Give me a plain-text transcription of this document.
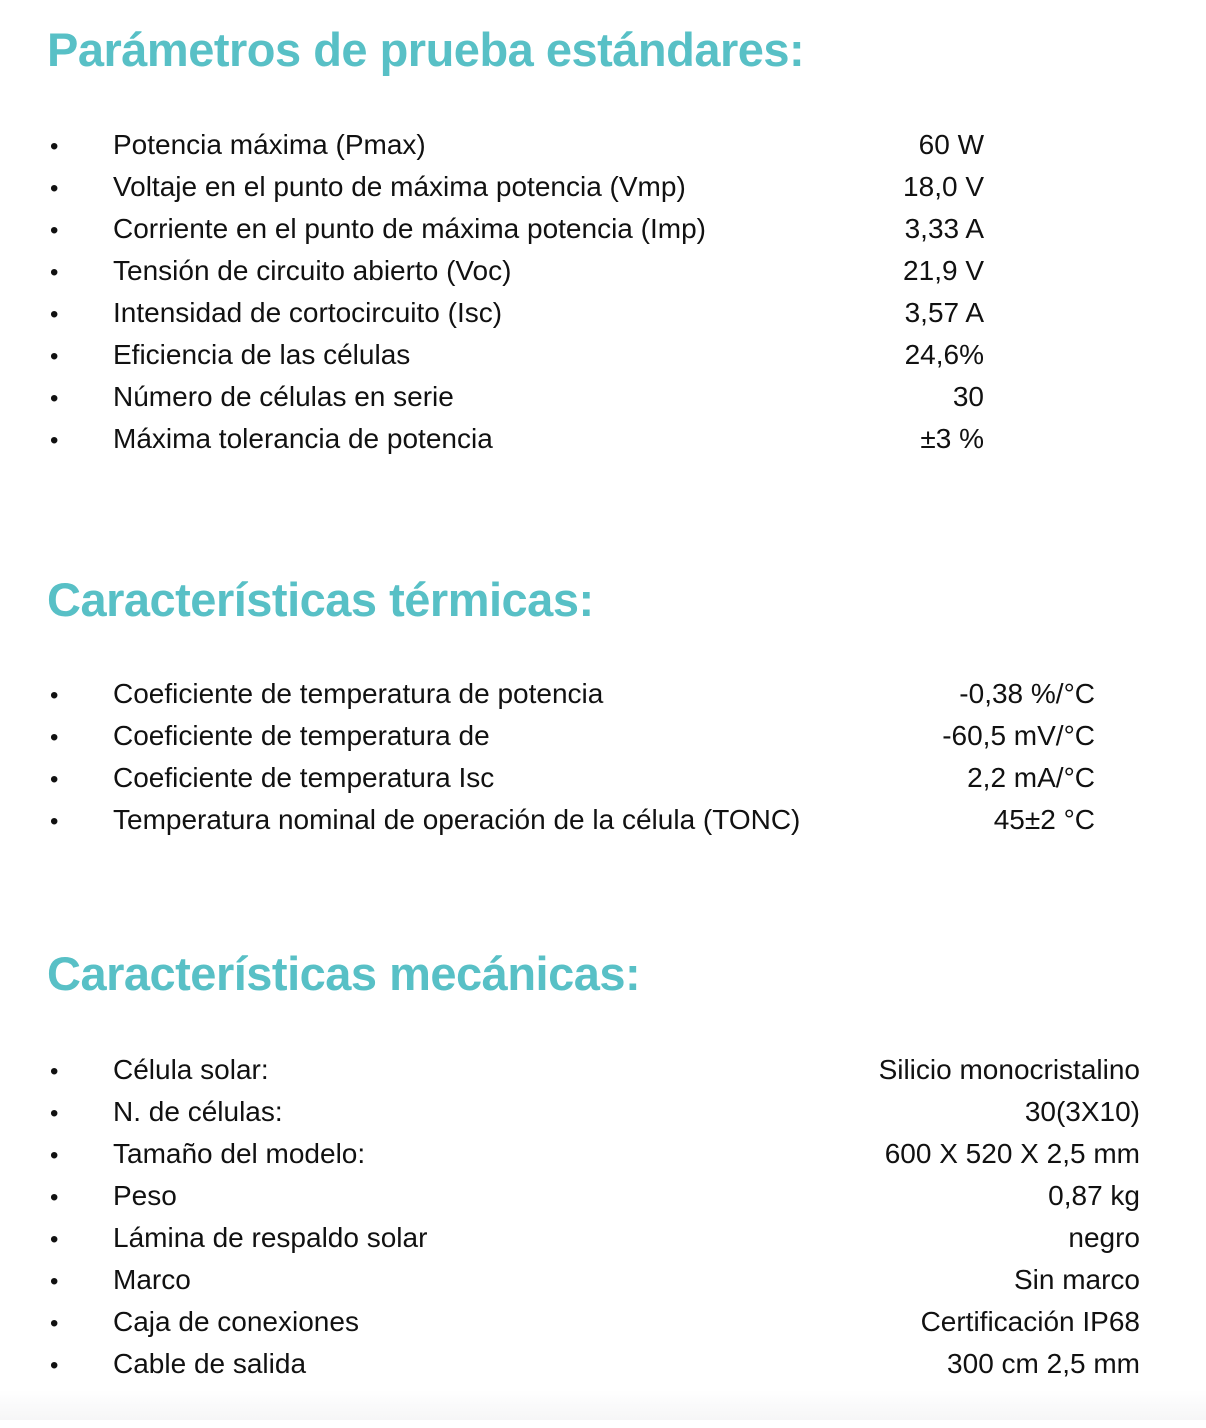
Parámetros de prueba estándares:
•	Potencia máxima (Pmax)	60 W
•	Voltaje en el punto de máxima potencia (Vmp)	18,0 V
•	Corriente en el punto de máxima potencia (Imp)	3,33 A
•	Tensión de circuito abierto (Voc)	21,9 V
•	Intensidad de cortocircuito (Isc)	3,57 A
•	Eficiencia de las células	24,6%
•	Número de células en serie	30
•	Máxima tolerancia de potencia	±3 %
Características térmicas:
•	Coeficiente de temperatura de potencia	-0,38 %/°C
•	Coeficiente de temperatura de	-60,5 mV/°C
•	Coeficiente de temperatura Isc	2,2 mA/°C
•	Temperatura nominal de operación de la célula (TONC)	45±2 °C
Características mecánicas:
•	Célula solar:	Silicio monocristalino
•	N. de células:	30(3X10)
•	Tamaño del modelo:	600 X 520 X 2,5 mm
•	Peso	0,87 kg
•	Lámina de respaldo solar	negro
•	Marco	Sin marco
•	Caja de conexiones	Certificación IP68
•	Cable de salida	300 cm 2,5 mm
